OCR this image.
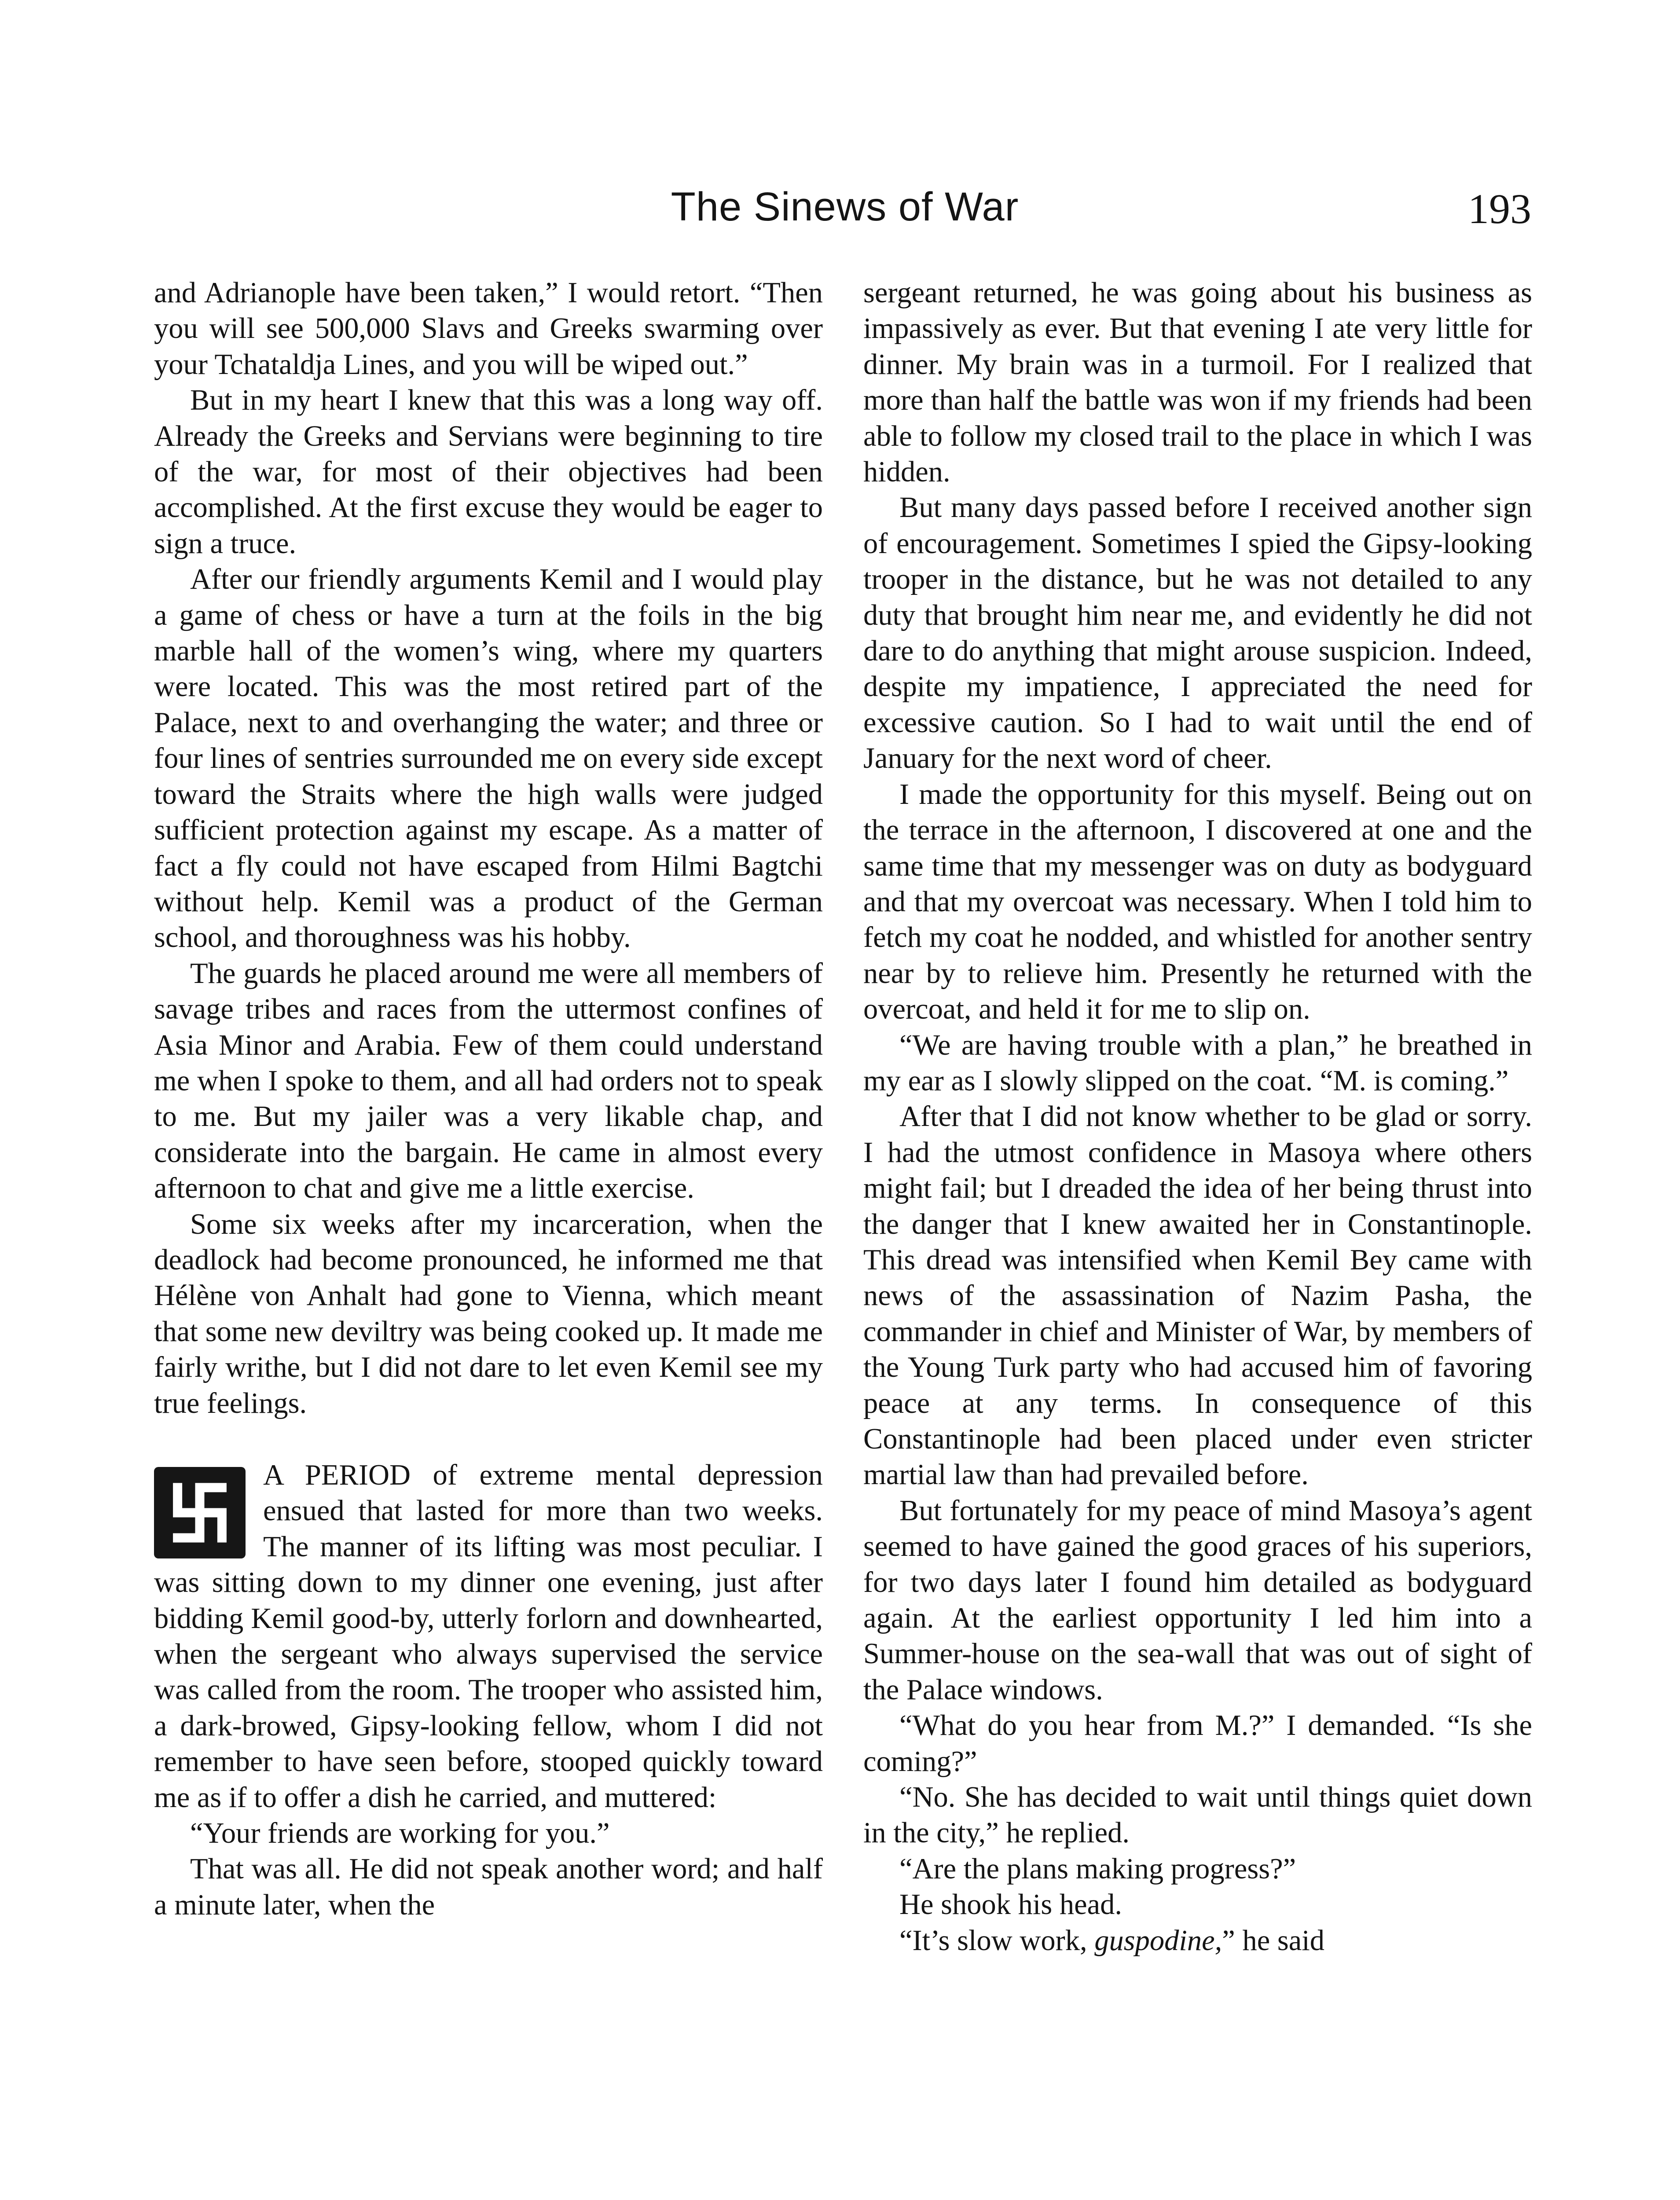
The Sinews of War	193

and Adrianople have been taken,” I would retort. “Then you will see 500,000 Slavs and Greeks swarming over your Tchataldja Lines, and you will be wiped out.”

But in my heart I knew that this was a long way off. Already the Greeks and Servians were beginning to tire of the war, for most of their objectives had been accomplished. At the first excuse they would be eager to sign a truce.

After our friendly arguments Kemil and I would play a game of chess or have a turn at the foils in the big marble hall of the women’s wing, where my quarters were located. This was the most retired part of the Palace, next to and overhanging the water; and three or four lines of sentries surrounded me on every side except toward the Straits where the high walls were judged sufficient protection against my escape. As a matter of fact a fly could not have escaped from Hilmi Bagtchi without help. Kemil was a product of the German school, and thoroughness was his hobby.

The guards he placed around me were all members of savage tribes and races from the uttermost confines of Asia Minor and Arabia. Few of them could understand me when I spoke to them, and all had orders not to speak to me. But my jailer was a very likable chap, and considerate into the bargain. He came in almost every afternoon to chat and give me a little exercise.

Some six weeks after my incarceration, when the deadlock had become pronounced, he informed me that Hélène von Anhalt had gone to Vienna, which meant that some new deviltry was being cooked up. It made me fairly writhe, but I did not dare to let even Kemil see my true feelings.

A PERIOD of extreme mental depression ensued that lasted for more than two weeks. The manner of its lifting was most peculiar. I was sitting down to my dinner one evening, just after bidding Kemil good-by, utterly forlorn and downhearted, when the sergeant who always supervised the service was called from the room. The trooper who assisted him, a dark-browed, Gipsy-looking fellow, whom I did not remember to have seen before, stooped quickly toward me as if to offer a dish he carried, and muttered:

“Your friends are working for you.”

That was all. He did not speak another word; and half a minute later, when the

sergeant returned, he was going about his business as impassively as ever. But that evening I ate very little for dinner. My brain was in a turmoil. For I realized that more than half the battle was won if my friends had been able to follow my closed trail to the place in which I was hidden.

But many days passed before I received another sign of encouragement. Sometimes I spied the Gipsy-looking trooper in the distance, but he was not detailed to any duty that brought him near me, and evidently he did not dare to do anything that might arouse suspicion. Indeed, despite my impatience, I appreciated the need for excessive caution. So I had to wait until the end of January for the next word of cheer.

I made the opportunity for this myself. Being out on the terrace in the afternoon, I discovered at one and the same time that my messenger was on duty as bodyguard and that my overcoat was necessary. When I told him to fetch my coat he nodded, and whistled for another sentry near by to relieve him. Presently he returned with the overcoat, and held it for me to slip on.

“We are having trouble with a plan,” he breathed in my ear as I slowly slipped on the coat. “M. is coming.”

After that I did not know whether to be glad or sorry. I had the utmost confidence in Masoya where others might fail; but I dreaded the idea of her being thrust into the danger that I knew awaited her in Constantinople. This dread was intensified when Kemil Bey came with news of the assassination of Nazim Pasha, the commander in chief and Minister of War, by members of the Young Turk party who had accused him of favoring peace at any terms. In consequence of this Constantinople had been placed under even stricter martial law than had prevailed before.

But fortunately for my peace of mind Masoya’s agent seemed to have gained the good graces of his superiors, for two days later I found him detailed as bodyguard again. At the earliest opportunity I led him into a Summer-house on the sea-wall that was out of sight of the Palace windows.

“What do you hear from M.?” I demanded. “Is she coming?”

“No. She has decided to wait until things quiet down in the city,” he replied.

“Are the plans making progress?”

He shook his head.

“It’s slow work, guspodine,” he said
